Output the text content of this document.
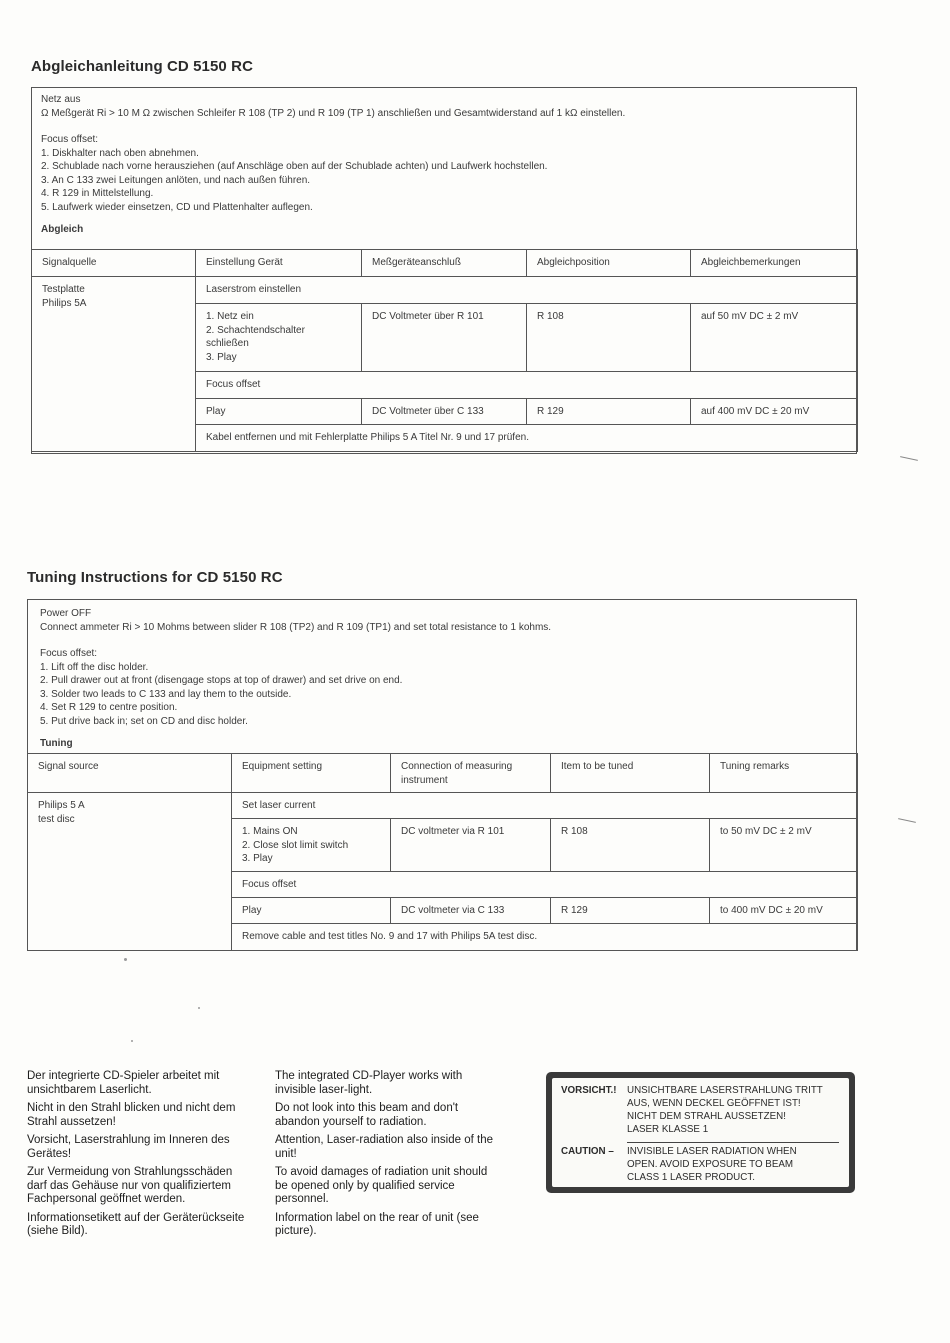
Abgleichanleitung CD 5150 RC
Netz aus
Ω Meßgerät Ri > 10 M Ω zwischen Schleifer R 108 (TP 2) und R 109 (TP 1) anschließen und Gesamtwiderstand auf 1 kΩ einstellen.
Focus offset:
1. Diskhalter nach oben abnehmen.
2. Schublade nach vorne herausziehen (auf Anschläge oben auf der Schublade achten) und Laufwerk hochstellen.
3. An C 133 zwei Leitungen anlöten, und nach außen führen.
4. R 129 in Mittelstellung.
5. Laufwerk wieder einsetzen, CD und Plattenhalter auflegen.
Abgleich
Signalquelle	Einstellung Gerät	Meßgeräteanschluß	Abgleichposition	Abgleichbemerkungen

Testplatte
Philips 5A	Laserstrom einstellen			

	1. Netz ein
2. Schachtendschalter
schließen
3. Play	DC Voltmeter über R 101	R 108	auf 50 mV DC ± 2 mV
	Focus offset			
	Play	DC Voltmeter über C 133	R 129	auf 400 mV DC ± 20 mV
	Kabel entfernen und mit Fehlerplatte Philips 5 A Titel Nr. 9 und 17 prüfen.			
Tuning Instructions for CD 5150 RC
Power OFF
Connect ammeter Ri > 10 Mohms between slider R 108 (TP2) and R 109 (TP1) and set total resistance to 1 kohms.
Focus offset:
1. Lift off the disc holder.
2. Pull drawer out at front (disengage stops at top of drawer) and set drive on end.
3. Solder two leads to C 133 and lay them to the outside.
4. Set R 129 to centre position.
5. Put drive back in; set on CD and disc holder.
Tuning
Signal source	Equipment setting	Connection of measuring instrument	Item to be tuned	Tuning remarks

Philips 5 A
test disc	Set laser current			

	1. Mains ON
2. Close slot limit switch
3. Play	DC voltmeter via R 101	R 108	to 50 mV DC ± 2 mV
	Focus offset			
	Play	DC voltmeter via C 133	R 129	to 400 mV DC ± 20 mV
	Remove cable and test titles No. 9 and 17 with Philips 5A test disc.			

Der integrierte CD-Spieler arbeitet mit unsichtbarem Laserlicht.

Nicht in den Strahl blicken und nicht dem Strahl aussetzen!

Vorsicht, Laserstrahlung im Inneren des Gerätes!

Zur Vermeidung von Strahlungsschäden darf das Gehäuse nur von qualifiziertem Fachpersonal geöffnet werden.

Informationsetikett auf der Geräterückseite (siehe Bild).

The integrated CD-Player works with invisible laser-light.

Do not look into this beam and don't abandon yourself to radiation.

Attention, Laser-radiation also inside of the unit!

To avoid damages of radiation unit should be opened only by qualified service personnel.

Information label on the rear of unit (see picture).

VORSICHT.! UNSICHTBARE LASERSTRAHLUNG TRITT
AUS, WENN DECKEL GEÖFFNET IST!
NICHT DEM STRAHL AUSSETZEN!
LASER KLASSE 1
CAUTION – INVISIBLE LASER RADIATION WHEN
OPEN. AVOID EXPOSURE TO BEAM
CLASS 1 LASER PRODUCT.
